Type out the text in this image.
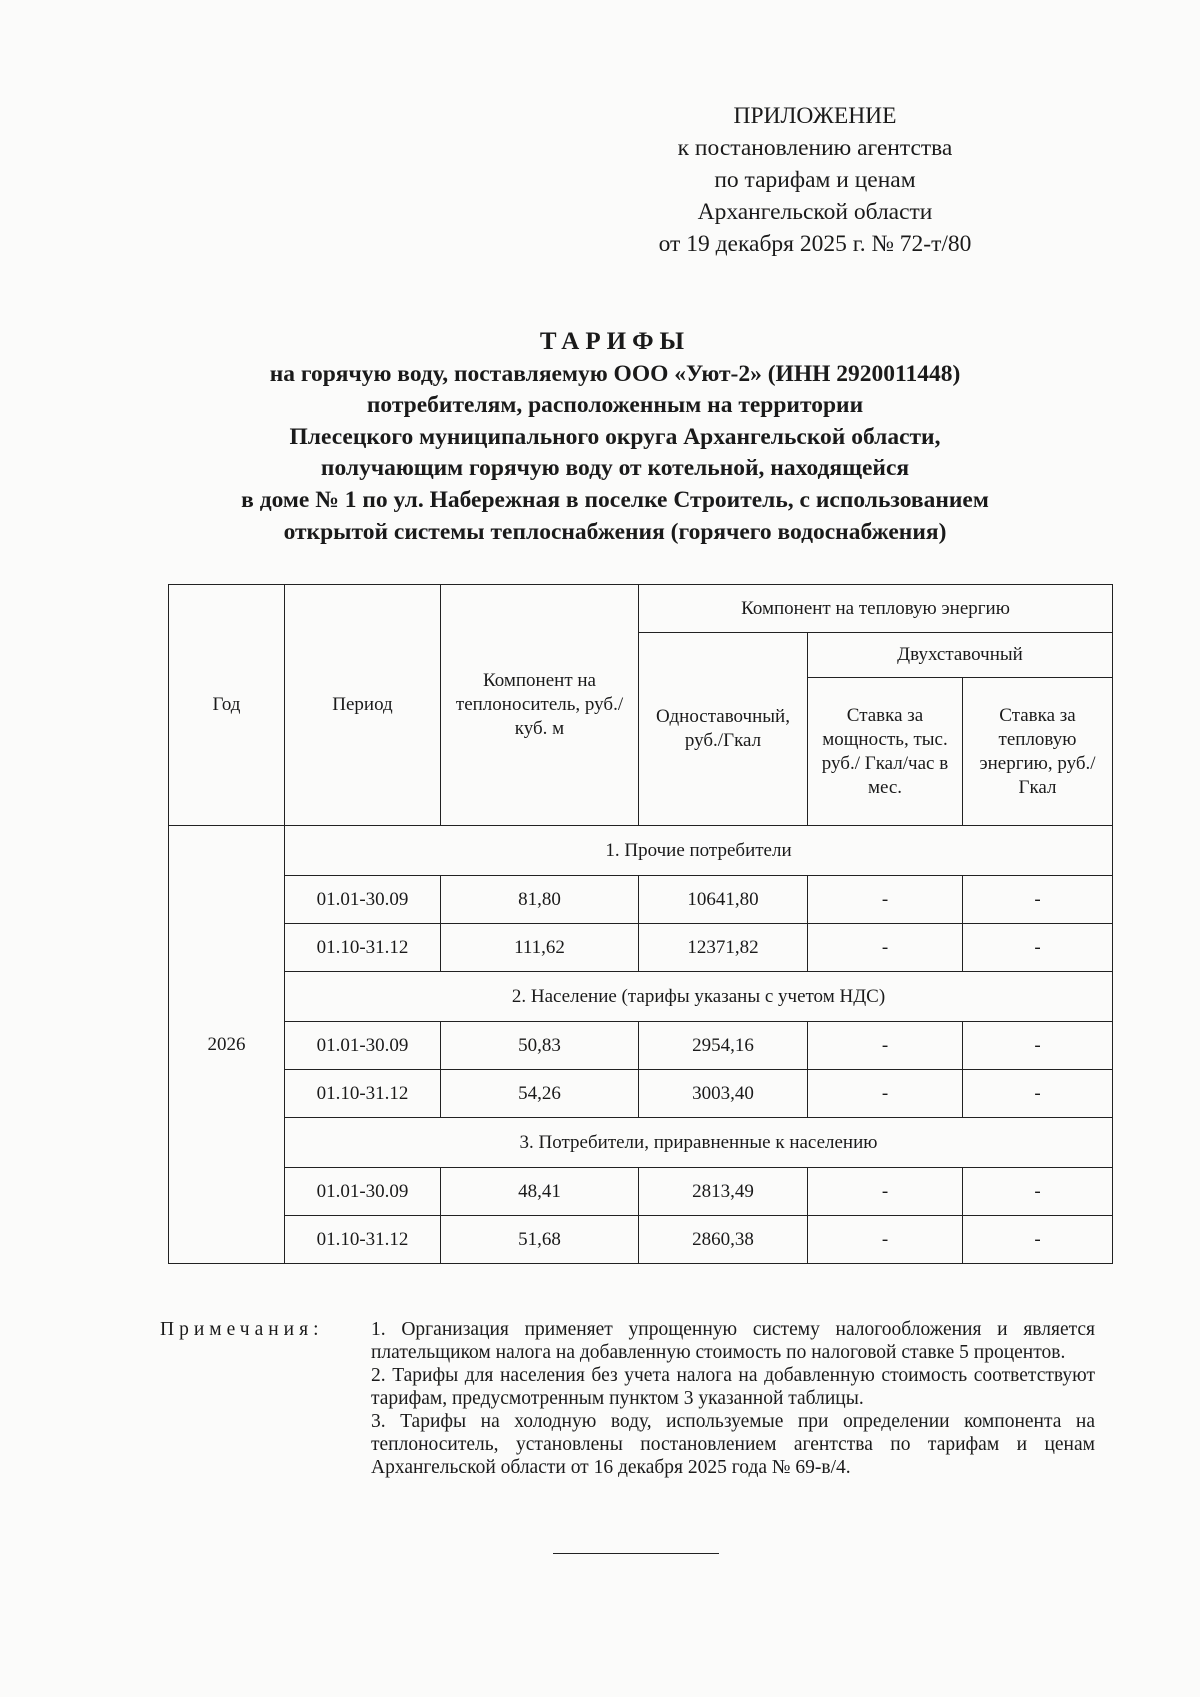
ПРИЛОЖЕНИЕ
к постановлению агентства
по тарифам и ценам
Архангельской области
от 19 декабря 2025 г. № 72-т/80
ТАРИФЫ
на горячую воду, поставляемую ООО «Уют-2» (ИНН 2920011448)
потребителям, расположенным на территории
Плесецкого муниципального округа Архангельской области,
получающим горячую воду от котельной, находящейся
в доме № 1 по ул. Набережная в поселке Строитель, с использованием
открытой системы теплоснабжения (горячего водоснабжения)
Год	Период	Компонент на теплоноситель, руб./куб. м	Компонент на тепловую энергию		
			Одноставочный, руб./Гкал	Двухставочный	
				Ставка за мощность, тыс. руб./ Гкал/час в мес.	Ставка за тепловую энергию, руб./Гкал
2026	1. Прочие потребители				
	01.01-30.09	81,80	10641,80	-	-
	01.10-31.12	111,62	12371,82	-	-
	2. Население (тарифы указаны с учетом НДС)				
	01.01-30.09	50,83	2954,16	-	-
	01.10-31.12	54,26	3003,40	-	-
	3. Потребители, приравненные к населению				
	01.01-30.09	48,41	2813,49	-	-
	01.10-31.12	51,68	2860,38	-	-
Примечания: 1. Организация применяет упрощенную систему налогообложения и является плательщиком налога на добавленную стоимость по налоговой ставке 5 процентов.
2. Тарифы для населения без учета налога на добавленную стоимость соответствуют тарифам, предусмотренным пунктом 3 указанной таблицы.
3. Тарифы на холодную воду, используемые при определении компонента на теплоноситель, установлены постановлением агентства по тарифам и ценам Архангельской области от 16 декабря 2025 года № 69-в/4.
